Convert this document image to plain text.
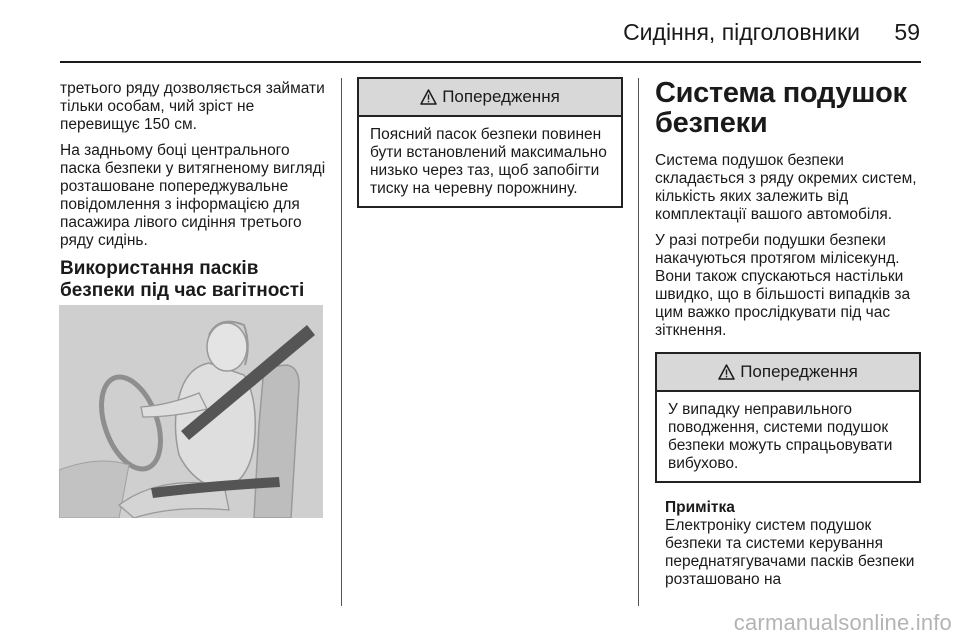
Сидіння, підголовники	59

третього ряду дозволяється займати тільки особам, чий зріст не перевищує 150 см.

На задньому боці центрального паска безпеки у витягненому вигляді розташоване попереджувальне повідомлення з інформацією для пасажира лівого сидіння третього ряду сидінь.

Використання пасків безпеки під час вагітності
Попередження
Поясний пасок безпеки повинен бути встановлений максимально низько через таз, щоб запобігти тиску на черевну порожнину.
Система подушок безпеки

Система подушок безпеки складається з ряду окремих систем, кількість яких залежить від комплектації вашого автомобіля.

У разі потреби подушки безпеки накачуються протягом мілісекунд. Вони також спускаються настільки швидко, що в більшості випадків за цим важко прослідкувати під час зіткнення.

Попередження
У випадку неправильного поводження, системи подушок безпеки можуть спрацьовувати вибухово.
Примітка
Електроніку систем подушок безпеки та системи керування переднатягувачами пасків безпеки розташовано на
carmanualsonline.info
